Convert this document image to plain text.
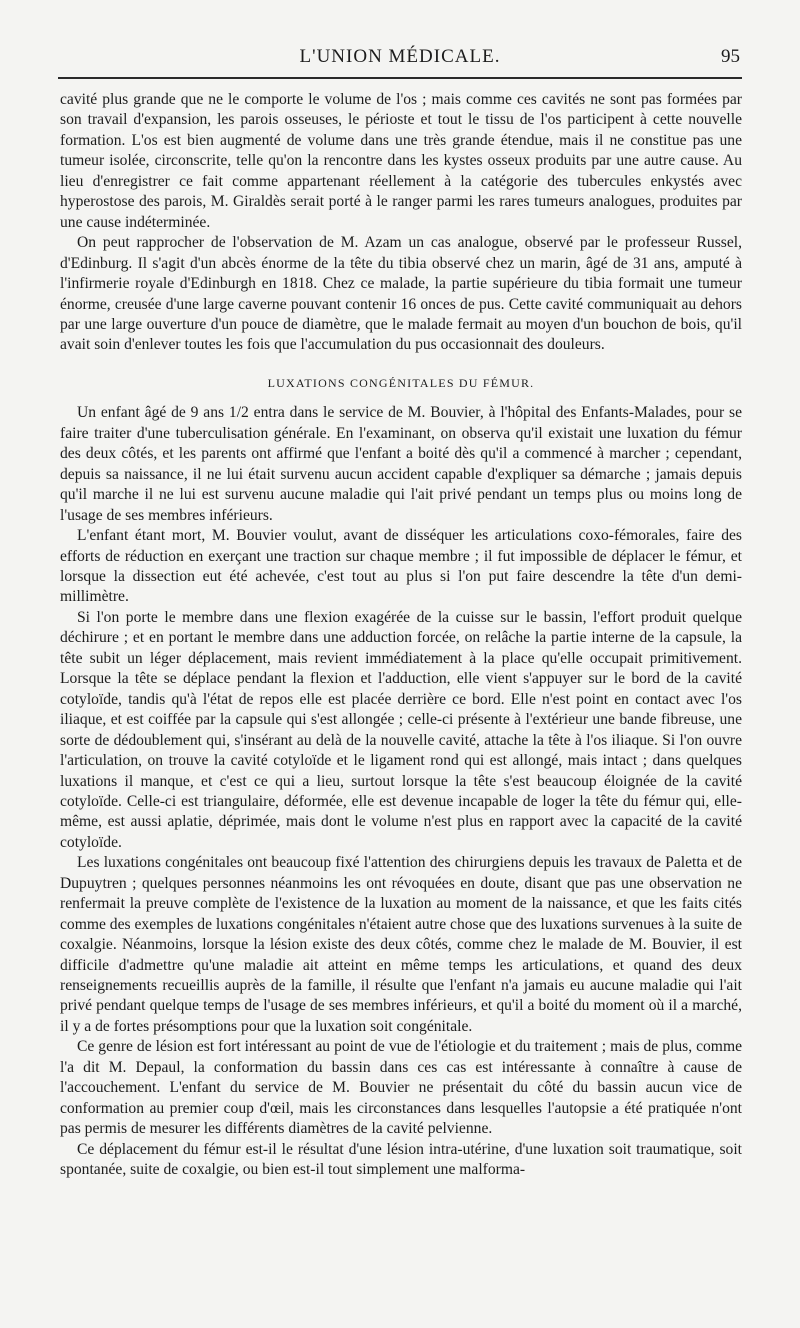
L'UNION MÉDICALE.	95

cavité plus grande que ne le comporte le volume de l'os ; mais comme ces cavités ne sont pas formées par son travail d'expansion, les parois osseuses, le périoste et tout le tissu de l'os participent à cette nouvelle formation. L'os est bien augmenté de volume dans une très grande étendue, mais il ne constitue pas une tumeur isolée, circonscrite, telle qu'on la rencontre dans les kystes osseux produits par une autre cause. Au lieu d'enregistrer ce fait comme appartenant réellement à la catégorie des tubercules enkystés avec hyperostose des parois, M. Giraldès serait porté à le ranger parmi les rares tumeurs analogues, produites par une cause indéterminée.

On peut rapprocher de l'observation de M. Azam un cas analogue, observé par le professeur Russel, d'Edinburg. Il s'agit d'un abcès énorme de la tête du tibia observé chez un marin, âgé de 31 ans, amputé à l'infirmerie royale d'Edinburgh en 1818. Chez ce malade, la partie supérieure du tibia formait une tumeur énorme, creusée d'une large caverne pouvant contenir 16 onces de pus. Cette cavité communiquait au dehors par une large ouverture d'un pouce de diamètre, que le malade fermait au moyen d'un bouchon de bois, qu'il avait soin d'enlever toutes les fois que l'accumulation du pus occasionnait des douleurs.

LUXATIONS CONGÉNITALES DU FÉMUR.

Un enfant âgé de 9 ans 1/2 entra dans le service de M. Bouvier, à l'hôpital des Enfants-Malades, pour se faire traiter d'une tuberculisation générale. En l'examinant, on observa qu'il existait une luxation du fémur des deux côtés, et les parents ont affirmé que l'enfant a boité dès qu'il a commencé à marcher ; cependant, depuis sa naissance, il ne lui était survenu aucun accident capable d'expliquer sa démarche ; jamais depuis qu'il marche il ne lui est survenu aucune maladie qui l'ait privé pendant un temps plus ou moins long de l'usage de ses membres inférieurs.

L'enfant étant mort, M. Bouvier voulut, avant de disséquer les articulations coxo-fémorales, faire des efforts de réduction en exerçant une traction sur chaque membre ; il fut impossible de déplacer le fémur, et lorsque la dissection eut été achevée, c'est tout au plus si l'on put faire descendre la tête d'un demi-millimètre.

Si l'on porte le membre dans une flexion exagérée de la cuisse sur le bassin, l'effort produit quelque déchirure ; et en portant le membre dans une adduction forcée, on relâche la partie interne de la capsule, la tête subit un léger déplacement, mais revient immédiatement à la place qu'elle occupait primitivement. Lorsque la tête se déplace pendant la flexion et l'adduction, elle vient s'appuyer sur le bord de la cavité cotyloïde, tandis qu'à l'état de repos elle est placée derrière ce bord. Elle n'est point en contact avec l'os iliaque, et est coiffée par la capsule qui s'est allongée ; celle-ci présente à l'extérieur une bande fibreuse, une sorte de dédoublement qui, s'insérant au delà de la nouvelle cavité, attache la tête à l'os iliaque. Si l'on ouvre l'articulation, on trouve la cavité cotyloïde et le ligament rond qui est allongé, mais intact ; dans quelques luxations il manque, et c'est ce qui a lieu, surtout lorsque la tête s'est beaucoup éloignée de la cavité cotyloïde. Celle-ci est triangulaire, déformée, elle est devenue incapable de loger la tête du fémur qui, elle-même, est aussi aplatie, déprimée, mais dont le volume n'est plus en rapport avec la capacité de la cavité cotyloïde.

Les luxations congénitales ont beaucoup fixé l'attention des chirurgiens depuis les travaux de Paletta et de Dupuytren ; quelques personnes néanmoins les ont révoquées en doute, disant que pas une observation ne renfermait la preuve complète de l'existence de la luxation au moment de la naissance, et que les faits cités comme des exemples de luxations congénitales n'étaient autre chose que des luxations survenues à la suite de coxalgie. Néanmoins, lorsque la lésion existe des deux côtés, comme chez le malade de M. Bouvier, il est difficile d'admettre qu'une maladie ait atteint en même temps les articulations, et quand des deux renseignements recueillis auprès de la famille, il résulte que l'enfant n'a jamais eu aucune maladie qui l'ait privé pendant quelque temps de l'usage de ses membres inférieurs, et qu'il a boité du moment où il a marché, il y a de fortes présomptions pour que la luxation soit congénitale.

Ce genre de lésion est fort intéressant au point de vue de l'étiologie et du traitement ; mais de plus, comme l'a dit M. Depaul, la conformation du bassin dans ces cas est intéressante à connaître à cause de l'accouchement. L'enfant du service de M. Bouvier ne présentait du côté du bassin aucun vice de conformation au premier coup d'œil, mais les circonstances dans lesquelles l'autopsie a été pratiquée n'ont pas permis de mesurer les différents diamètres de la cavité pelvienne.

Ce déplacement du fémur est-il le résultat d'une lésion intra-utérine, d'une luxation soit traumatique, soit spontanée, suite de coxalgie, ou bien est-il tout simplement une malforma-
